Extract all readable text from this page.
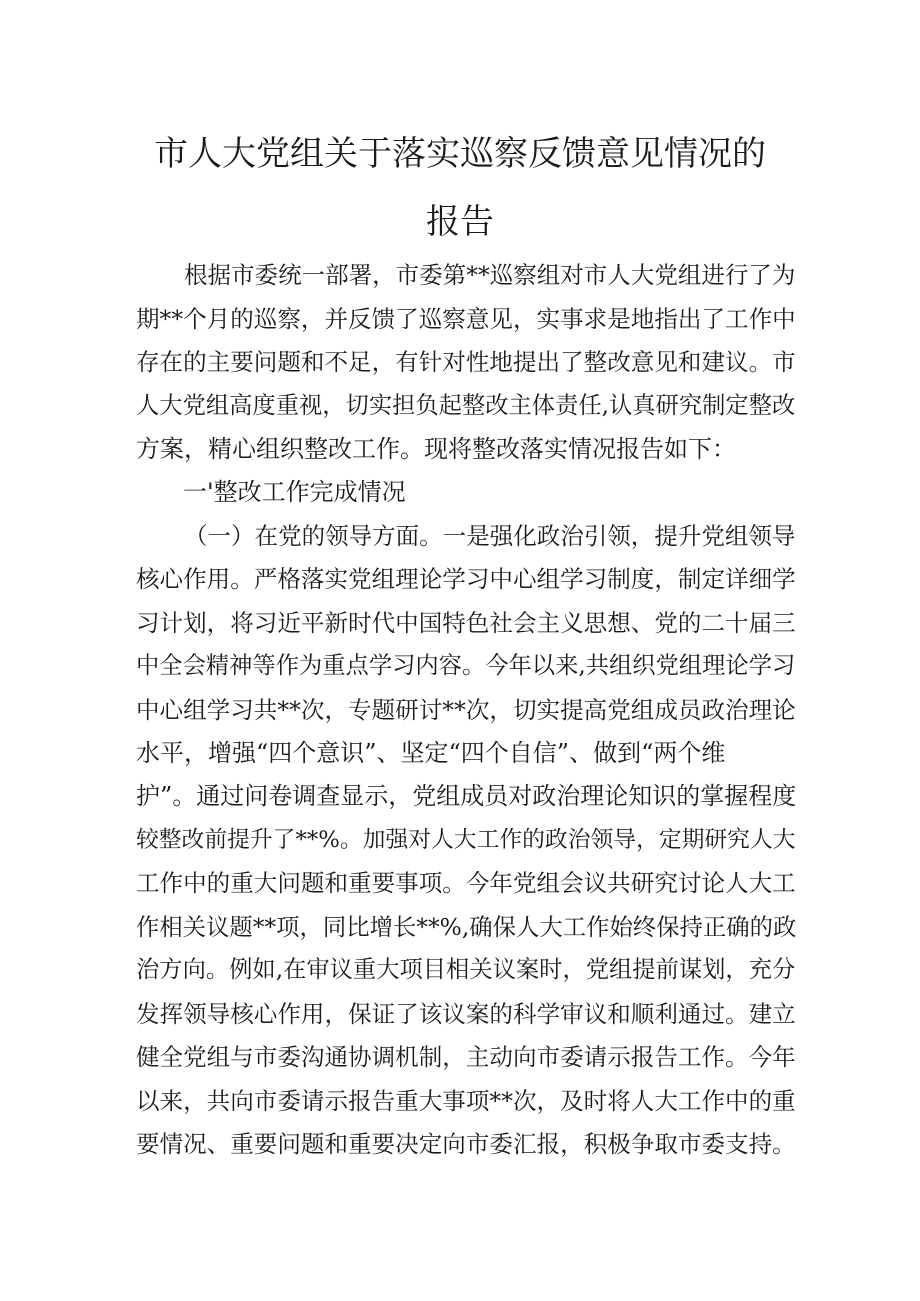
市人大党组关于落实巡察反馈意见情况的
报告

根据市委统一部署，市委第**巡察组对市人大党组进行了为

期**个月的巡察，并反馈了巡察意见，实事求是地指出了工作中

存在的主要问题和不足，有针对性地提出了整改意见和建议。市

人大党组高度重视，切实担负起整改主体责任,认真研究制定整改

方案，精心组织整改工作。现将整改落实情况报告如下：

一'整改工作完成情况

（一）在党的领导方面。一是强化政治引领，提升党组领导

核心作用。严格落实党组理论学习中心组学习制度，制定详细学

习计划，将习近平新时代中国特色社会主义思想、党的二十届三

中全会精神等作为重点学习内容。今年以来,共组织党组理论学习

中心组学习共**次，专题研讨**次，切实提高党组成员政治理论

水平，增强“四个意识”、坚定“四个自信”、做到“两个维

护”。通过问卷调查显示，党组成员对政治理论知识的掌握程度

较整改前提升了**%。加强对人大工作的政治领导，定期研究人大

工作中的重大问题和重要事项。今年党组会议共研究讨论人大工

作相关议题**项，同比增长**%,确保人大工作始终保持正确的政

治方向。例如,在审议重大项目相关议案时，党组提前谋划，充分

发挥领导核心作用，保证了该议案的科学审议和顺利通过。建立

健全党组与市委沟通协调机制，主动向市委请示报告工作。今年

以来，共向市委请示报告重大事项**次，及时将人大工作中的重

要情况、重要问题和重要决定向市委汇报，积极争取市委支持。
